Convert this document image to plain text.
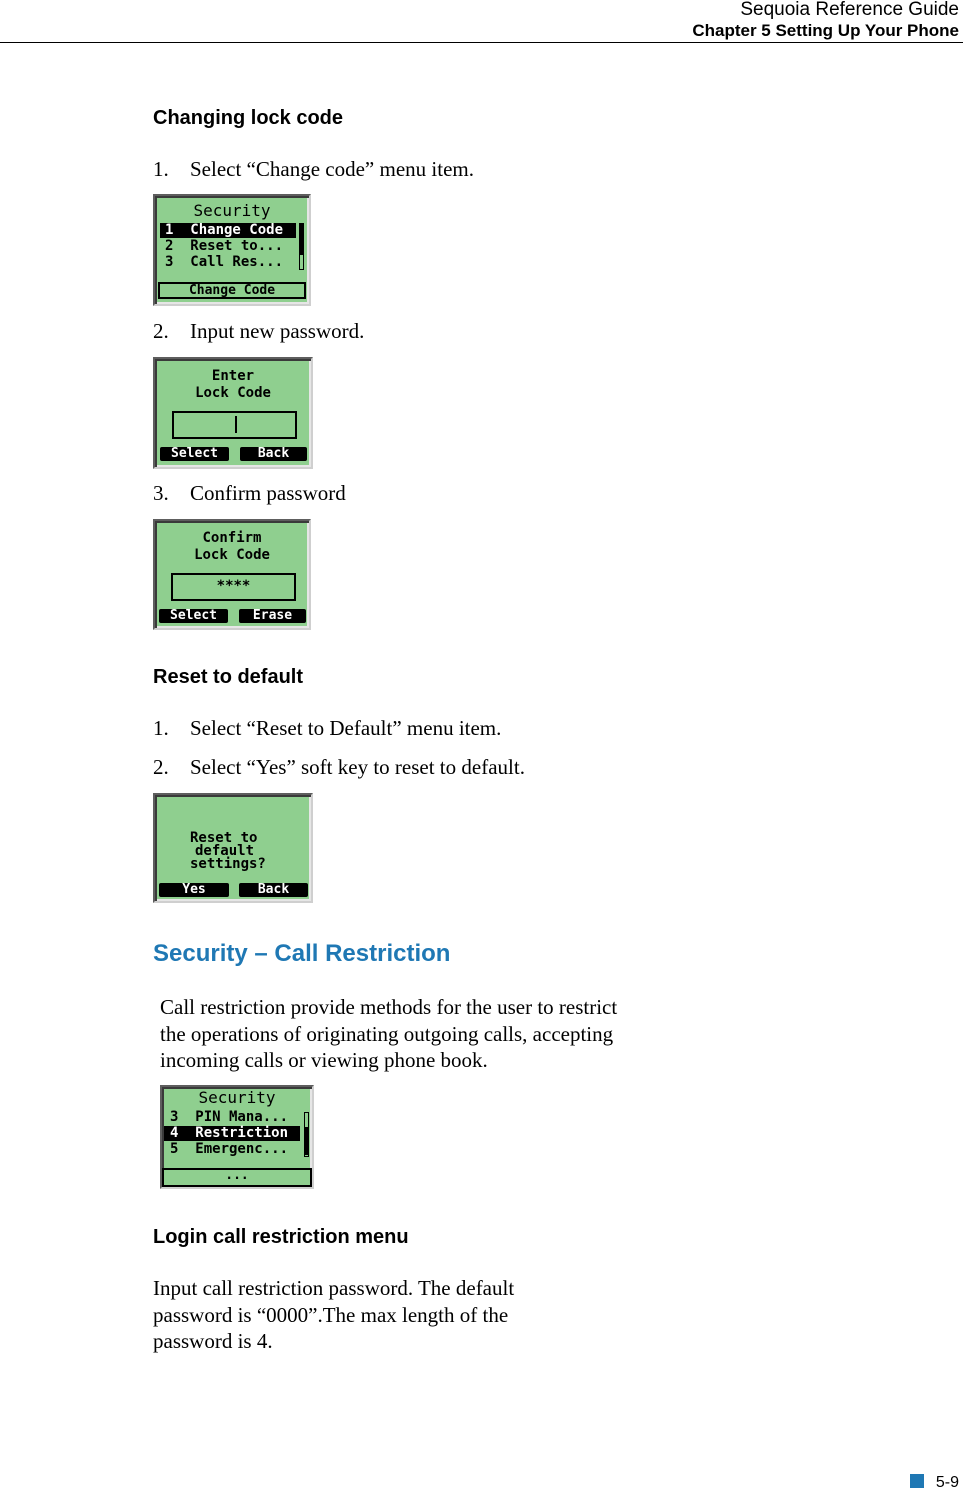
Sequoia Reference Guide
Chapter 5 Setting Up Your Phone
Changing lock code
1. Select “Change code” menu item.
Security
1  Change Code
2  Reset to...
3  Call Res...
Change Code
2. Input new password.
Enter
Lock Code
Select	Back
3. Confirm password
Confirm
Lock Code
****
Select	Erase
Reset to default
1. Select “Reset to Default” menu item.
2. Select “Yes” soft key to reset to default.
Reset to
default
settings?
Yes	Back
Security – Call Restriction
Call restriction provide methods for the user to restrict
the operations of originating outgoing calls, accepting
incoming calls or viewing phone book.
Security
3  PIN Mana...
4  Restriction
5  Emergenc...
...
Login call restriction menu
Input call restriction password. The default
password is “0000”.The max length of the
password is 4.
5-9
